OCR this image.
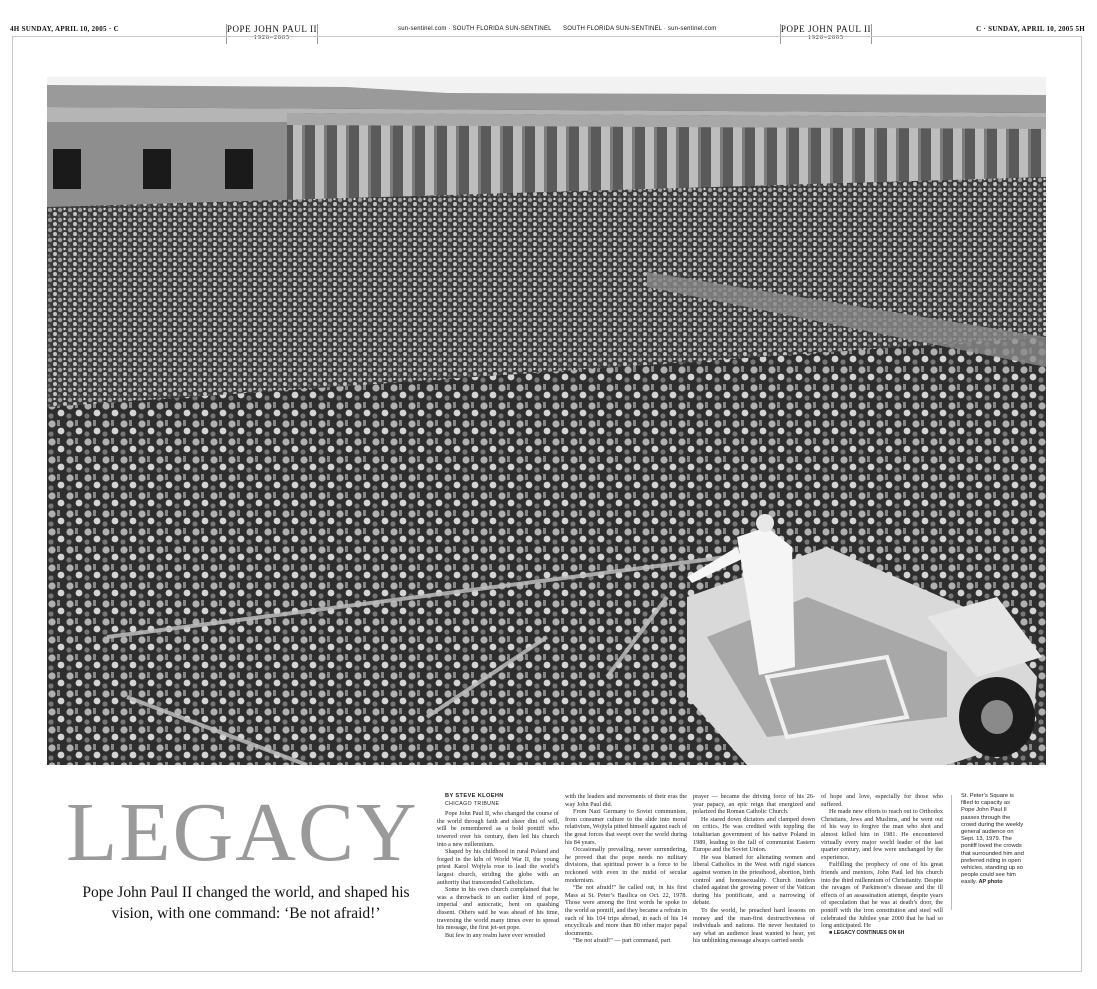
4H SUNDAY, APRIL 10, 2005 · C	POPE JOHN PAUL II
1920–2005
sun-sentinel.com · SOUTH FLORIDA SUN-SENTINEL SOUTH FLORIDA SUN-SENTINEL · sun-sentinel.com	POPE JOHN PAUL II
1920–2005
C · SUNDAY, APRIL 10, 2005 5H
LEGACY
Pope John Paul II changed the world, and shaped his vision, with one command: ‘Be not afraid!’

BY STEVE KLOEHN

CHICAGO TRIBUNE

Pope John Paul II, who changed the course of the world through faith and sheer dint of will, will be remembered as a bold pontiff who towered over his century, then led his church into a new millennium.

Shaped by his childhood in rural Poland and forged in the kiln of World War II, the young priest Karol Wojtyla rose to lead the world’s largest church, striding the globe with an authority that transcended Catholicism.

Some in his own church complained that he was a throwback to an earlier kind of pope, imperial and autocratic, bent on quashing dissent. Others said he was ahead of his time, traversing the world many times over to spread his message, the first jet-set pope.

But few in any realm have ever wrestled

with the leaders and movements of their eras the way John Paul did.

From Nazi Germany to Soviet communism, from consumer culture to the slide into moral relativism, Wojtyla pitted himself against each of the great forces that swept over the world during his 84 years.

Occasionally prevailing, never surrendering, he proved that the pope needs no military divisions, that spiritual power is a force to be reckoned with even in the midst of secular modernism.

“Be not afraid!” he called out, in his first Mass at St. Peter’s Basilica on Oct. 22, 1978. Those were among the first words he spoke to the world as pontiff, and they became a refrain in each of his 104 trips abroad, in each of his 14 encyclicals and more than 80 other major papal documents.

“Be not afraid!” — part command, part

prayer — became the driving force of his 26-year papacy, an epic reign that energized and polarized the Roman Catholic Church.

He stared down dictators and clamped down on critics. He was credited with toppling the totalitarian government of his native Poland in 1989, leading to the fall of communist Eastern Europe and the Soviet Union.

He was blamed for alienating women and liberal Catholics in the West with rigid stances against women in the priesthood, abortion, birth control and homosexuality. Church insiders chafed against the growing power of the Vatican during his pontificate, and a narrowing of debate.

To the world, he preached hard lessons on money and the man-first destructiveness of individuals and nations. He never hesitated to say what an audience least wanted to hear, yet his unblinking message always carried seeds

of hope and love, especially for those who suffered.

He made new efforts to reach out to Orthodox Christians, Jews and Muslims, and he went out of his way to forgive the man who shot and almost killed him in 1981. He encountered virtually every major world leader of the last quarter century, and few were unchanged by the experience.

Fulfilling the prophecy of one of his great friends and mentors, John Paul led his church into the third millennium of Christianity. Despite the ravages of Parkinson’s disease and the ill effects of an assassination attempt, despite years of speculation that he was at death’s door, the pontiff with the iron constitution and steel will celebrated the Jubilee year 2000 that he had so long anticipated. He

■ LEGACY CONTINUES ON 6H

St. Peter’s Square is filled to capacity as Pope John Paul II passes through the crowd during the weekly general audience on Sept. 13, 1979. The pontiff loved the crowds that surrounded him and preferred riding in open vehicles, standing up so people could see him easily. AP photo
